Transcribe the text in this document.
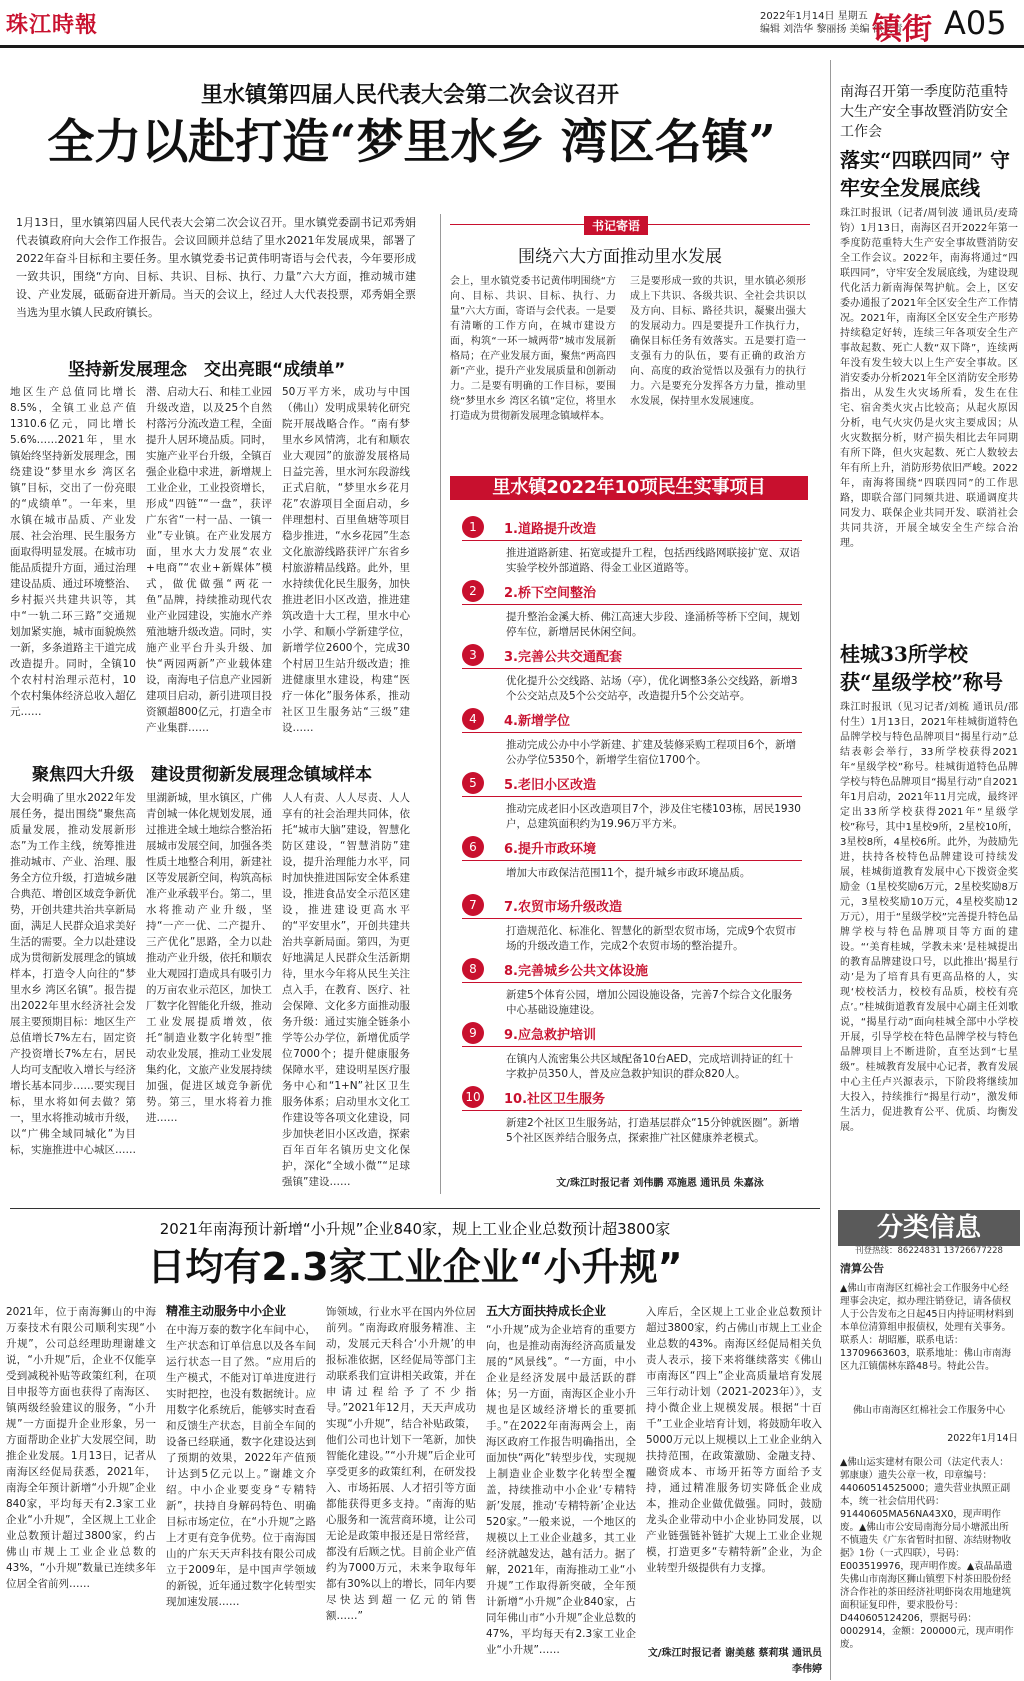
珠江時報	2022年1月14日 星期五
编辑 刘浩华 黎丽扬 美编 徐文青
镇街 A05
里水镇第四届人民代表大会第二次会议召开
全力以赴打造“梦里水乡 湾区名镇”
1月13日，里水镇第四届人民代表大会第二次会议召开。里水镇党委副书记邓秀娟代表镇政府向大会作工作报告。会议回顾并总结了里水2021年发展成果，部署了2022年奋斗目标和主要任务。里水镇党委书记黄伟明寄语与会代表，今年要形成一致共识，围绕“方向、目标、共识、目标、执行、力量”六大方面，推动城市建设、产业发展，砥砺奋进开新局。当天的会议上，经过人大代表投票，邓秀娟全票当选为里水镇人民政府镇长。
坚持新发展理念　交出亮眼“成绩单”
地区生产总值同比增长8.5%，全镇工业总产值1310.6亿元，同比增长5.6%……2021年，里水镇始终坚持新发展理念，围绕建设“梦里水乡 湾区名镇”目标，交出了一份亮眼的“成绩单”。一年来，里水镇在城市品质、产业发展、社会治理、民生服务方面取得明显发展。在城市功能品质提升方面，通过治理建设品质、通过环境整治、乡村振兴共建共识等，其中“一轨二环三路”交通规划加紧实施，城市面貌焕然一新，多条道路主干道完成改造提升。同时，全镇10个农村村治理示范村，10个农村集体经济总收入超亿元……
潜、启动大石、和桂工业园升级改造，以及25个自然村落污分流改造工程，全面提升人居环境品质。同时，实施产业平台升级，全镇百强企业稳中求进，新增规上工业企业，工业投资增长，形成“四链”“一盘”，获评广东省“一村一品、一镇一业”专业镇。在产业发展方面，里水大力发展“农业+电商”“农业+新媒体”模式，做优做强“两花一鱼”品牌，持续推动现代农业产业园建设，实施水产养殖池塘升级改造。同时，实施产业平台升头升级、加快“两园两新”产业载体建设，南海电子信息产业园新建项目启动，新引进项目投资额超800亿元，打造全市产业集群……
50万平方米，成功与中国（佛山）发明成果转化研究院开展战略合作。“南有梦里水乡风情湾，北有和顺农业大观园”的旅游发展格局日益完善，里水河东段游线正式启航，“梦里水乡花月花”农游项目全面启动，乡伴理想村、百里鱼塘等项目稳步推进，“水乡花园”生态文化旅游线路获评广东省乡村旅游精品线路。此外，里水持续优化民生服务，加快推进老旧小区改造，推进建筑改造十大工程，里水中心小学、和顺小学新建学位，新增学位2600个，完成30个村居卫生站升级改造；推进健康里水建设，构建“医疗一体化”服务体系，推动社区卫生服务站“三级”建设……
聚焦四大升级　建设贯彻新发展理念镇域样本
大会明确了里水2022年发展任务，提出围绕“聚焦高质量发展，推动发展新形态”为工作主线，统筹推进推动城市、产业、治理、服务全方位升级，打造城乡融合典范、增创区域竞争新优势，开创共建共治共享新局面，满足人民群众追求美好生活的需要。全力以赴建设成为贯彻新发展理念的镇域样本，打造令人向往的“梦里水乡 湾区名镇”。报告提出2022年里水经济社会发展主要预期目标：地区生产总值增长7%左右，固定资产投资增长7%左右，居民人均可支配收入增长与经济增长基本同步……要实现目标，里水将如何去做？第一，里水将推动城市升级，以“广佛全域同城化”为目标，实施推进中心城区……
里湖新城，里水镇区，广佛青创城一体化规划发展，通过推进全域土地综合整治拓展城市发展空间，加强各类性质土地整合利用，新建社区等发展新空间，构筑高标准产业承载平台。第二，里水将推动产业升级，坚持“一产一优、二产提升、三产优化”思路，全力以赴推动产业升级，依托和顺农业大观园打造成具有吸引力的万亩农业示范区，加快工厂数字化智能化升级，推动工业发展提质增效，依托“制造业数字化转型”推动农业发展，推动工业发展集约化，文旅产业发展持续加强，促进区域竞争新优势。第三，里水将着力推进……
人人有责、人人尽责、人人享有的社会治理共同体，依托“城市大脑”建设，智慧化防区建设，“智慧消防”建设，提升治理能力水平，同时加快推进国际安全体系建设，推进食品安全示范区建设，推进建设更高水平的“平安里水”，开创共建共治共享新局面。第四，为更好地满足人民群众生活新期待，里水今年将从民生关注点入手，在教育、医疗、社会保障、文化多方面推动服务升级：通过实施全链条小学等公办学位，新增优质学位7000个；提升健康服务保障水平，建设明星医疗服务中心和“1+N”社区卫生服务体系；启动里水文化工作建设等各项文化建设，同步加快老旧小区改造，探索百年百年名镇历史文化保护，深化“全域小微”“足球强镇”建设……
书记寄语
围绕六大方面推动里水发展
会上，里水镇党委书记黄伟明围绕“方向、目标、共识、目标、执行、力量”六大方面，寄语与会代表。一是要有清晰的工作方向，在城市建设方面，构筑“一环一城两带”城市发展新格局；在产业发展方面，聚焦“两高四新”产业，提升产业发展质量和创新动力。二是要有明确的工作目标，要围绕“梦里水乡 湾区名镇”定位，将里水打造成为贯彻新发展理念镇域样本。
三是要形成一致的共识，里水镇必须形成上下共识、各级共识、全社会共识以及方向、目标、路径共识，凝聚出强大的发展动力。四是要提升工作执行力，确保目标任务有效落实。五是要打造一支强有力的队伍，要有正确的政治方向、高度的政治觉悟以及强有力的执行力。六是要充分发挥各方力量，推动里水发展，保持里水发展速度。
里水镇2022年10项民生实事项目
1	1.道路提升改造
推进道路新建、拓宽或提升工程，包括西线路网联接扩宽、双语实验学校外部道路、得金工业区道路等。
2	2.桥下空间整治
提升整治金溪大桥、佛江高速大步段、逢涌桥等桥下空间，规划停车位，新增居民休闲空间。
3	3.完善公共交通配套
优化提升公交线路、站场（亭），优化调整3条公交线路，新增3个公交站点及5个公交站亭，改造提升5个公交站亭。
4	4.新增学位
推动完成公办中小学新建、扩建及装修采购工程项目6个，新增公办学位5350个，新增学生宿位1700个。
5	5.老旧小区改造
推动完成老旧小区改造项目7个，涉及住宅楼103栋，居民1930户，总建筑面积约为19.96万平方米。
6	6.提升市政环境
增加大市政保洁范围11个，提升城乡市政环境品质。
7	7.农贸市场升级改造
打造规范化、标准化、智慧化的新型农贸市场，完成9个农贸市场的升级改造工作，完成2个农贸市场的整治提升。
8	8.完善城乡公共文体设施
新建5个体育公园，增加公园设施设备，完善7个综合文化服务中心基础设施建设。
9	9.应急救护培训
在镇内人流密集公共区域配备10台AED，完成培训持证的红十字救护员350人，普及应急救护知识的群众820人。
10 10.社区卫生服务
新建2个社区卫生服务站，打造基层群众“15分钟就医圈”。新增5个社区医养结合服务点，探索推广社区健康养老模式。
文/珠江时报记者 刘伟鹏 邓施恩 通讯员 朱嘉泳
南海召开第一季度防范重特大生产安全事故暨消防安全工作会
落实“四联四同” 守牢安全发展底线
珠江时报讯（记者/周钊波 通讯员/麦琦钧）1月13日，南海区召开2022年第一季度防范重特大生产安全事故暨消防安全工作会议。2022年，南海将通过“四联四同”，守牢安全发展底线，为建设现代化活力新南海保驾护航。会上，区安委办通报了2021年全区安全生产工作情况。2021年，南海区全区安全生产形势持续稳定好转，连续三年各项安全生产事故起数、死亡人数“双下降”，连续两年没有发生较大以上生产安全事故。区消安委办分析2021年全区消防安全形势指出，从发生火灾场所看，发生在住宅、宿舍类火灾占比较高；从起火原因分析，电气火灾仍是火灾主要成因；从火灾数据分析，财产损失相比去年同期有所下降，但火灾起数、死亡人数较去年有所上升，消防形势依旧严峻。2022年，南海将围绕“四联四同”的工作思路，即联合部门同频共进、联通调度共同发力、联保企业共同开发、联消社会共同共济，开展全域安全生产综合治理。
桂城33所学校 获“星级学校”称号
珠江时报讯（见习记者/刘梳 通讯员/邵付生）1月13日，2021年桂城街道特色品牌学校与特色品牌项目“揭星行动”总结表彰会举行，33所学校获得2021年“星级学校”称号。桂城街道特色品牌学校与特色品牌项目“揭星行动”自2021年1月启动，2021年11月完成，最终评定出33所学校获得2021年“星级学校”称号，其中1星校9所，2星校10所，3星校8所，4星校6所。此外，为鼓励先进，扶持各校特色品牌建设可持续发展，桂城街道教育发展中心下拨资金奖励金（1星校奖励6万元，2星校奖励8万元，3星校奖励10万元，4星校奖励12万元），用于“星级学校”完善提升特色品牌学校与特色品牌项目等方面的建设。“‘美育桂城，学教未来’是桂城提出的教育品牌建设口号，以此推出‘揭星行动’是为了培育具有更高品格的人，实现‘校校活力，校校有品质，校校有亮点’。”桂城街道教育发展中心副主任刘歌说，“揭星行动”面向桂城全部中小学校开展，引导学校在特色品牌学校与特色品牌项目上不断进阶，直至达到“七星级”。桂城教育发展中心记者，教育发展中心主任卢兴源表示，下阶段将继续加大投入，持续推行“揭星行动”，激发师生活力，促进教育公平、优质、均衡发展。
分类信息
刊登热线：86224831 13726677228
清算公告
▲佛山市南海区红棉社会工作服务中心经理事会决定，拟办理注销登记，请各债权人于公告发布之日起45日内持证明材料到本单位清算组申报债权，处理有关事务。联系人：胡昭雁，联系电话：13709663603，联系地址：佛山市南海区九江镇儒林东路48号。特此公告。
佛山市南海区红棉社会工作服务中心
2022年1月14日
▲佛山运实建材有限公司（法定代表人：郭康康）遗失公章一枚，印章编号：44060514525000；遗失营业执照正副本，统一社会信用代码：91440605MA56NA43X0，现声明作废。▲佛山市公安局南海分局小塘派出所不慎遗失《广东省暂时扣留、冻结财物收据》1份（一式四联），号码：E003519976，现声明作废。▲袁晶晶遗失佛山市南海区狮山镇塑下村茶田股份经济合作社的茶田经济社明虾岗农用地建筑面积证复印件，要求股份号：D440605124206，票据号码：0002914，金额：200000元，现声明作废。
2021年南海预计新增“小升规”企业840家，规上工业企业总数预计超3800家
日均有2.3家工业企业“小升规”
2021年，位于南海狮山的中海万泰技术有限公司顺利实现“小升规”，公司总经理助理谢雄文说，“小升规”后，企业不仅能享受到减税补贴等政策红利，在项目申报等方面也获得了南海区、镇两级经验建议的服务，“小升规”一方面提升企业形象，另一方面帮助企业扩大发展空间，助推企业发展。1月13日，记者从南海区经促局获悉，2021年，南海全年预计新增“小升规”企业840家，平均每天有2.3家工业企业“小升规”，全区规上工业企业总数预计超过3800家，约占佛山市规上工业企业总数的43%，“小升规”数量已连续多年位居全省前列……
精准主动服务中小企业
在中海万泰的数字化车间中心，生产状态和订单信息以及各车间运行状态一目了然。“应用后的生产模式，不能对订单进度进行实时把控，也没有数据统计。应用数字化系统后，能够实时查看和反馈生产状态，目前全车间的设备已经联通，数字化建设达到了预期的效果，2022年产值预计达到5亿元以上。”谢雄文介绍。中小企业要变身“专精特新”，扶持自身解码特色、明确目标市场定位，在“小升规”之路上才更有竞争优势。位于南海国山的广东天天声科技有限公司成立于2009年，是中国声学领域的新锐，近年通过数字化转型实现加速发展……
饰领域，行业水平在国内外位居前列。“南海政府服务精准、主动，发展元天科合‘小升规’的申报标准依据，区经促局等部门主动联系我们宣讲相关政策，并在申请过程给予了不少指导。”2021年12月，天天声成功实现“小升规”，结合补贴政策，他们公司也计划下一笔新，加快智能化建设。”“小升规”后企业可享受更多的政策红利，在研发投入、市场拓展、人才招引等方面都能获得更多支持。“南海的贴心服务和一流营商环境，让公司无论是政策申报还是日常经营，都没有后顾之忧。目前企业产值约为7000万元，未来争取每年都有30%以上的增长，同年内要尽快达到超一亿元的销售额……”
五大方面扶持成长企业
“小升规”成为企业培育的重要方向，也是推动南海经济高质量发展的“风景线”。“一方面，中小企业是经济发展中最活跃的群体；另一方面，南海区企业小升规也是区域经济增长的重要抓手。”在2022年南海两会上，南海区政府工作报告明确指出，全面加快“两化”转型步伐，实现规上制造业企业数字化转型全覆盖，持续推动中小企业‘专精特新’发展，推动‘专精特新’企业达520家。”一般来说，一个地区的规模以上工业企业越多，其工业经济就越发达，越有活力。据了解，2021年，南海推动工业“小升规”工作取得新突破，全年预计新增“小升规”企业840家，占同年佛山市“小升规”企业总数的47%，平均每天有2.3家工业企业“小升规”……
入库后，全区规上工业企业总数预计超过3800家，约占佛山市规上工业企业总数的43%。南海区经促局相关负责人表示，接下来将继续落实《佛山市南海区“四上”企业高质量培育发展三年行动计划（2021-2023年）》，支持小微企业上规模发展。根据“十百千”工业企业培育计划，将鼓励年收入5000万元以上规模以上工业企业纳入扶持范围，在政策激励、金融支持、融资成本、市场开拓等方面给予支持，通过精准服务切实降低企业成本，推动企业做优做强。同时，鼓励龙头企业带动中小企业协同发展，以产业链强链补链扩大规上工业企业规模，打造更多“专精特新”企业，为企业转型升级提供有力支撑。
文/珠江时报记者 谢美慈 蔡莉琪 通讯员 李伟婷
